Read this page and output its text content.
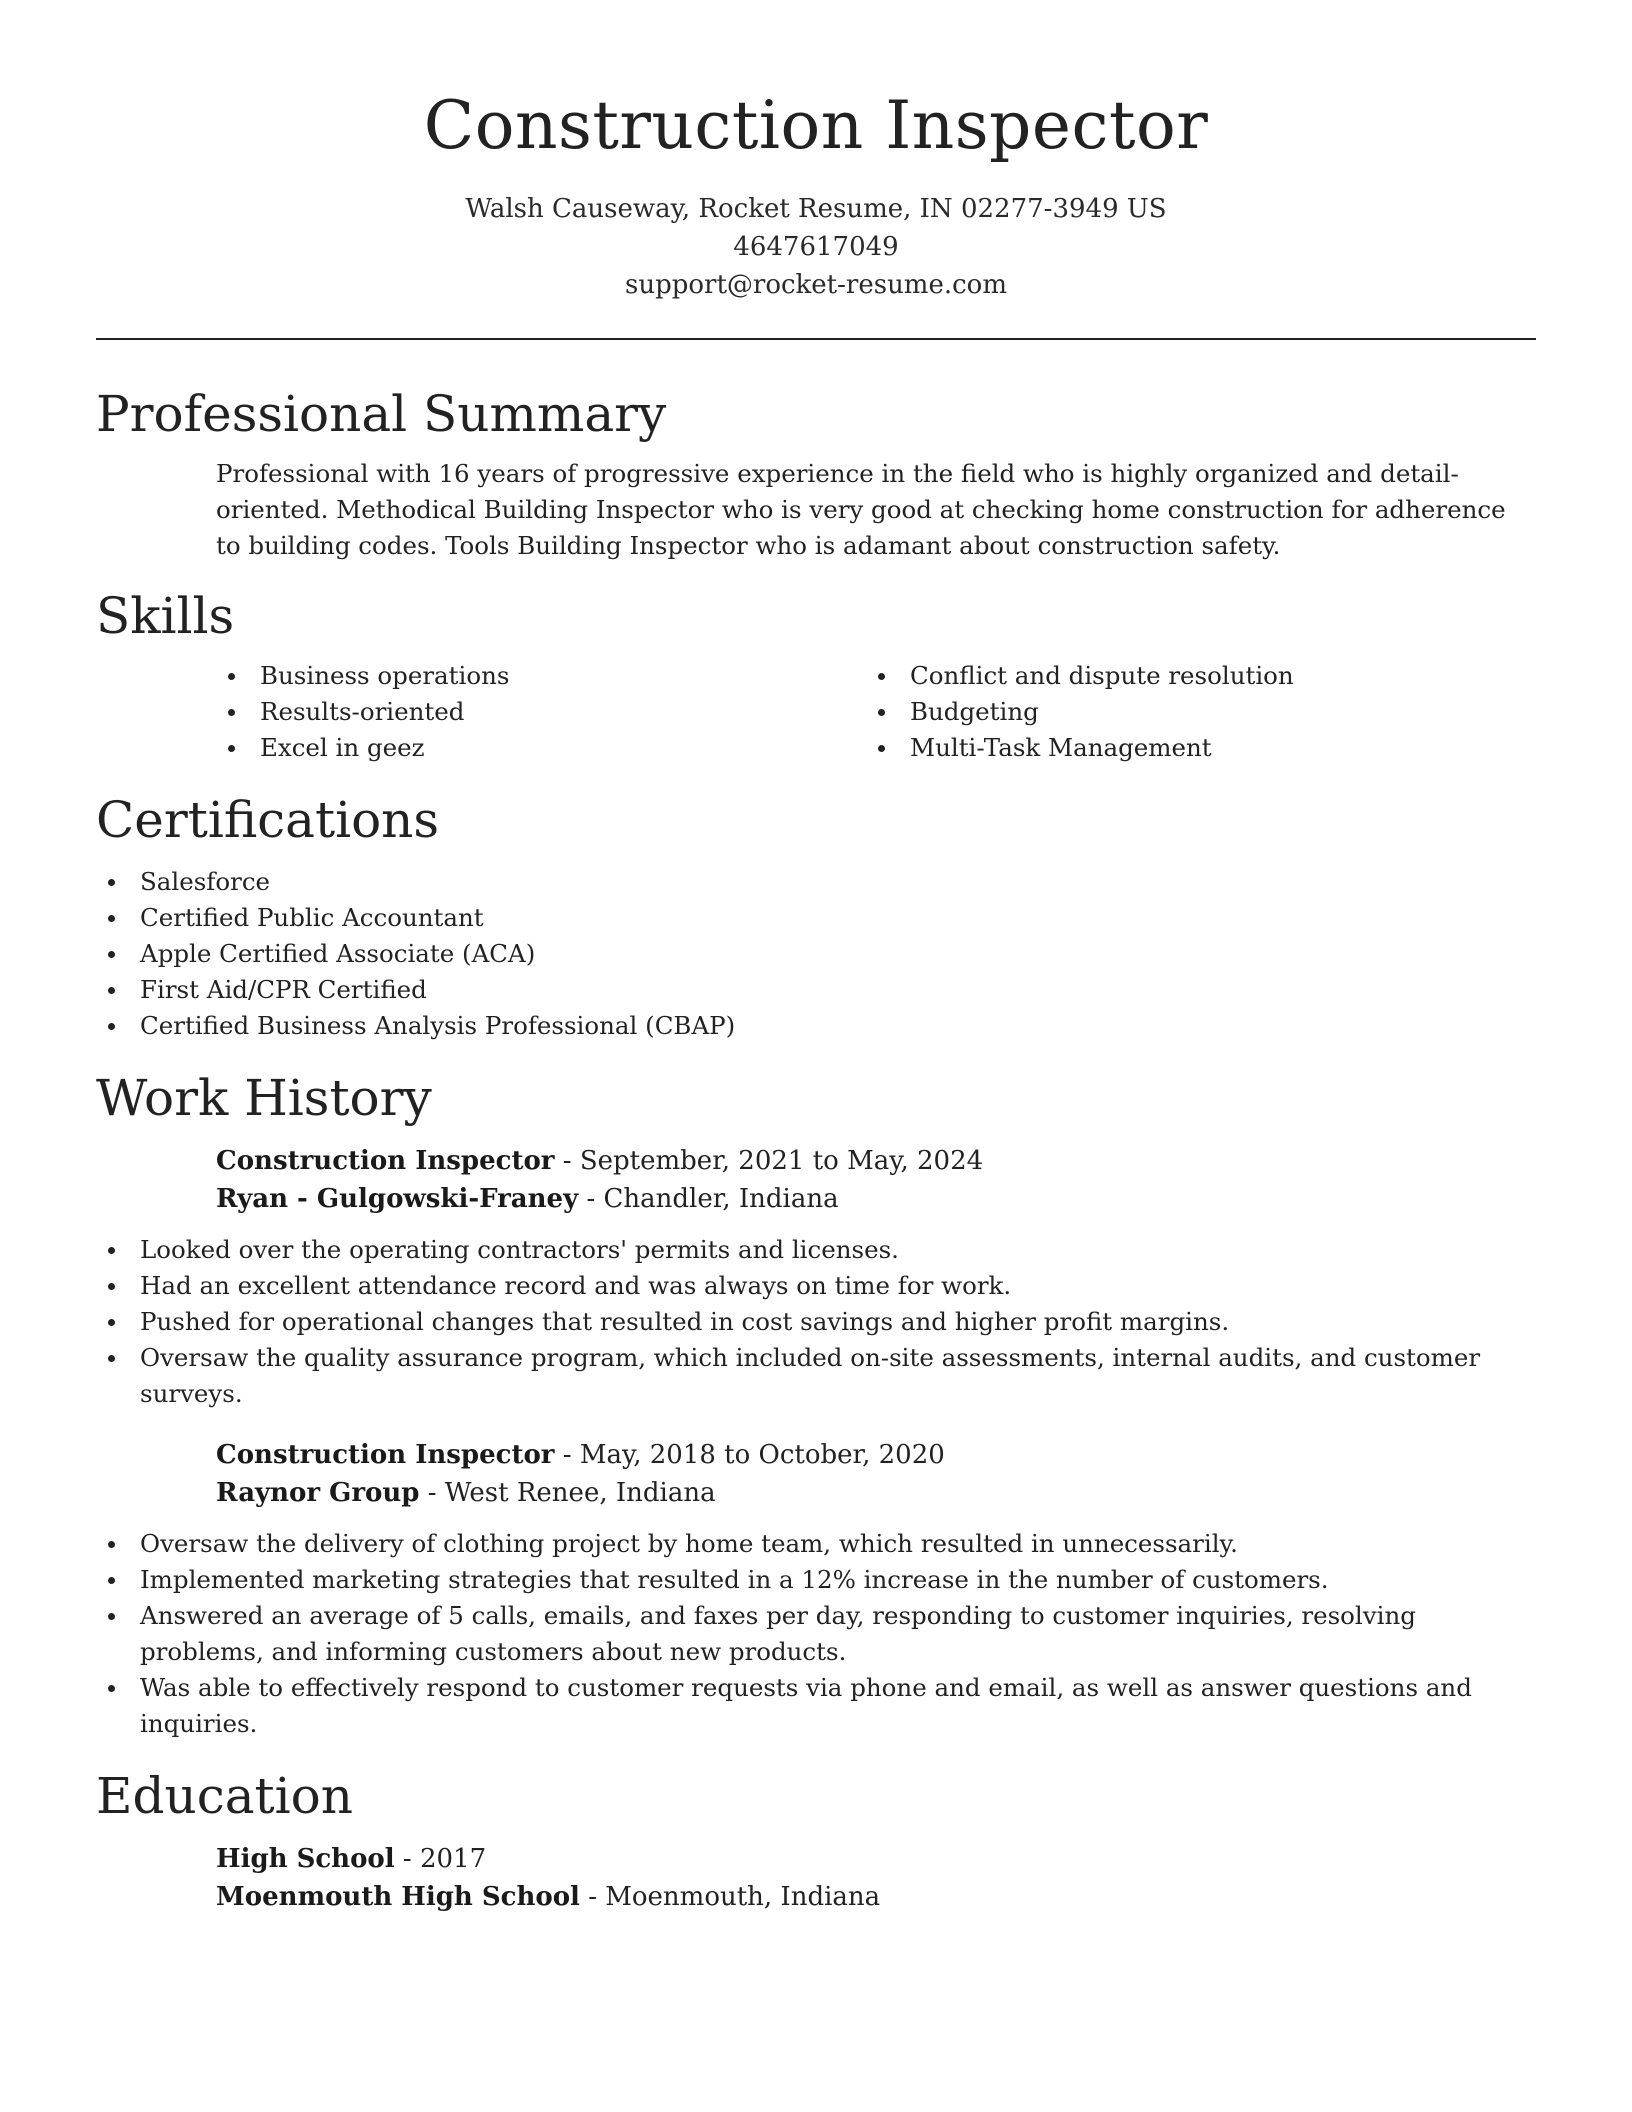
Construction Inspector
Walsh Causeway, Rocket Resume, IN 02277-3949 US
4647617049
support@rocket-resume.com
Professional Summary
Professional with 16 years of progressive experience in the field who is highly organized and detail-oriented. Methodical Building Inspector who is very good at checking home construction for adherence to building codes. Tools Building Inspector who is adamant about construction safety.
Skills
Business operations
Results-oriented
Excel in geez
Conflict and dispute resolution
Budgeting
Multi-Task Management
Certifications
Salesforce
Certified Public Accountant
Apple Certified Associate (ACA)
First Aid/CPR Certified
Certified Business Analysis Professional (CBAP)
Work History
Construction Inspector - September, 2021 to May, 2024
Ryan - Gulgowski-Franey - Chandler, Indiana
Looked over the operating contractors' permits and licenses.
Had an excellent attendance record and was always on time for work.
Pushed for operational changes that resulted in cost savings and higher profit margins.
Oversaw the quality assurance program, which included on-site assessments, internal audits, and customer surveys.
Construction Inspector - May, 2018 to October, 2020
Raynor Group - West Renee, Indiana
Oversaw the delivery of clothing project by home team, which resulted in unnecessarily.
Implemented marketing strategies that resulted in a 12% increase in the number of customers.
Answered an average of 5 calls, emails, and faxes per day, responding to customer inquiries, resolving problems, and informing customers about new products.
Was able to effectively respond to customer requests via phone and email, as well as answer questions and inquiries.
Education
High School - 2017
Moenmouth High School - Moenmouth, Indiana
